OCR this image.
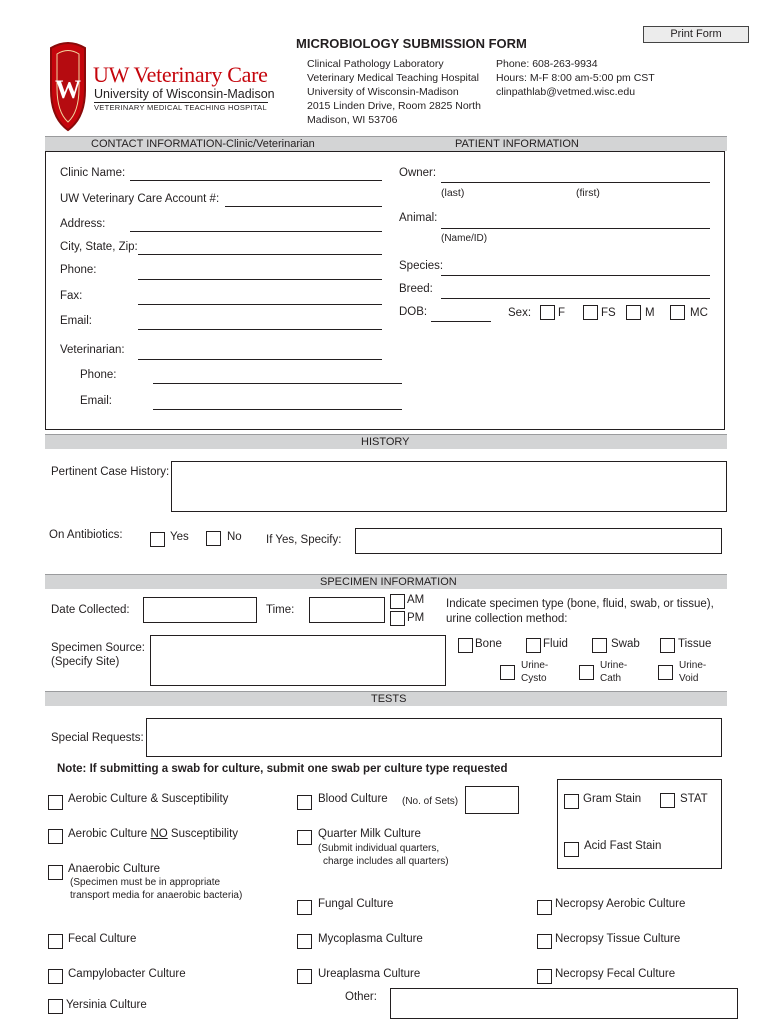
Print Form
W
UW Veterinary Care
University of Wisconsin-Madison
VETERINARY MEDICAL TEACHING HOSPITAL
MICROBIOLOGY SUBMISSION FORM
Clinical Pathology Laboratory
Veterinary Medical Teaching Hospital
University of Wisconsin-Madison
2015 Linden Drive, Room 2825 North
Madison, WI 53706
Phone: 608-263-9934
Hours: M-F 8:00 am-5:00 pm CST
clinpathlab@vetmed.wisc.edu
CONTACT INFORMATION-Clinic/Veterinarian	PATIENT INFORMATION
Clinic Name:
UW Veterinary Care Account #:
Address:
City, State, Zip:
Phone:
Fax:
Email:
Veterinarian:
Phone:
Email:
Owner:
(last)	(first)
Animal:
(Name/ID)
Species:
Breed:
DOB:	Sex: F	FS	M	MC
HISTORY
Pertinent Case History:
On Antibiotics:	Yes	No If Yes, Specify:
SPECIMEN INFORMATION
Date Collected:	Time:
AM
PM
Indicate specimen type (bone, fluid, swab, or tissue),
urine collection method:
Specimen Source:
(Specify Site)
Bone	Fluid	Swab	Tissue
Urine-
Cysto
Urine-
Cath
Urine-
Void
TESTS
Special Requests:
Note: If submitting a swab for culture, submit one swab per culture type requested
Aerobic Culture & Susceptibility
Aerobic Culture NO Susceptibility
Anaerobic Culture
(Specimen must be in appropriate
transport media for anaerobic bacteria)
Fecal Culture
Campylobacter Culture
Yersinia Culture
Blood Culture (No. of Sets)
Quarter Milk Culture
(Submit individual quarters,
charge includes all quarters)
Fungal Culture
Mycoplasma Culture
Ureaplasma Culture
Other:
Gram Stain	STAT
Acid Fast Stain
Necropsy Aerobic Culture
Necropsy Tissue Culture
Necropsy Fecal Culture
